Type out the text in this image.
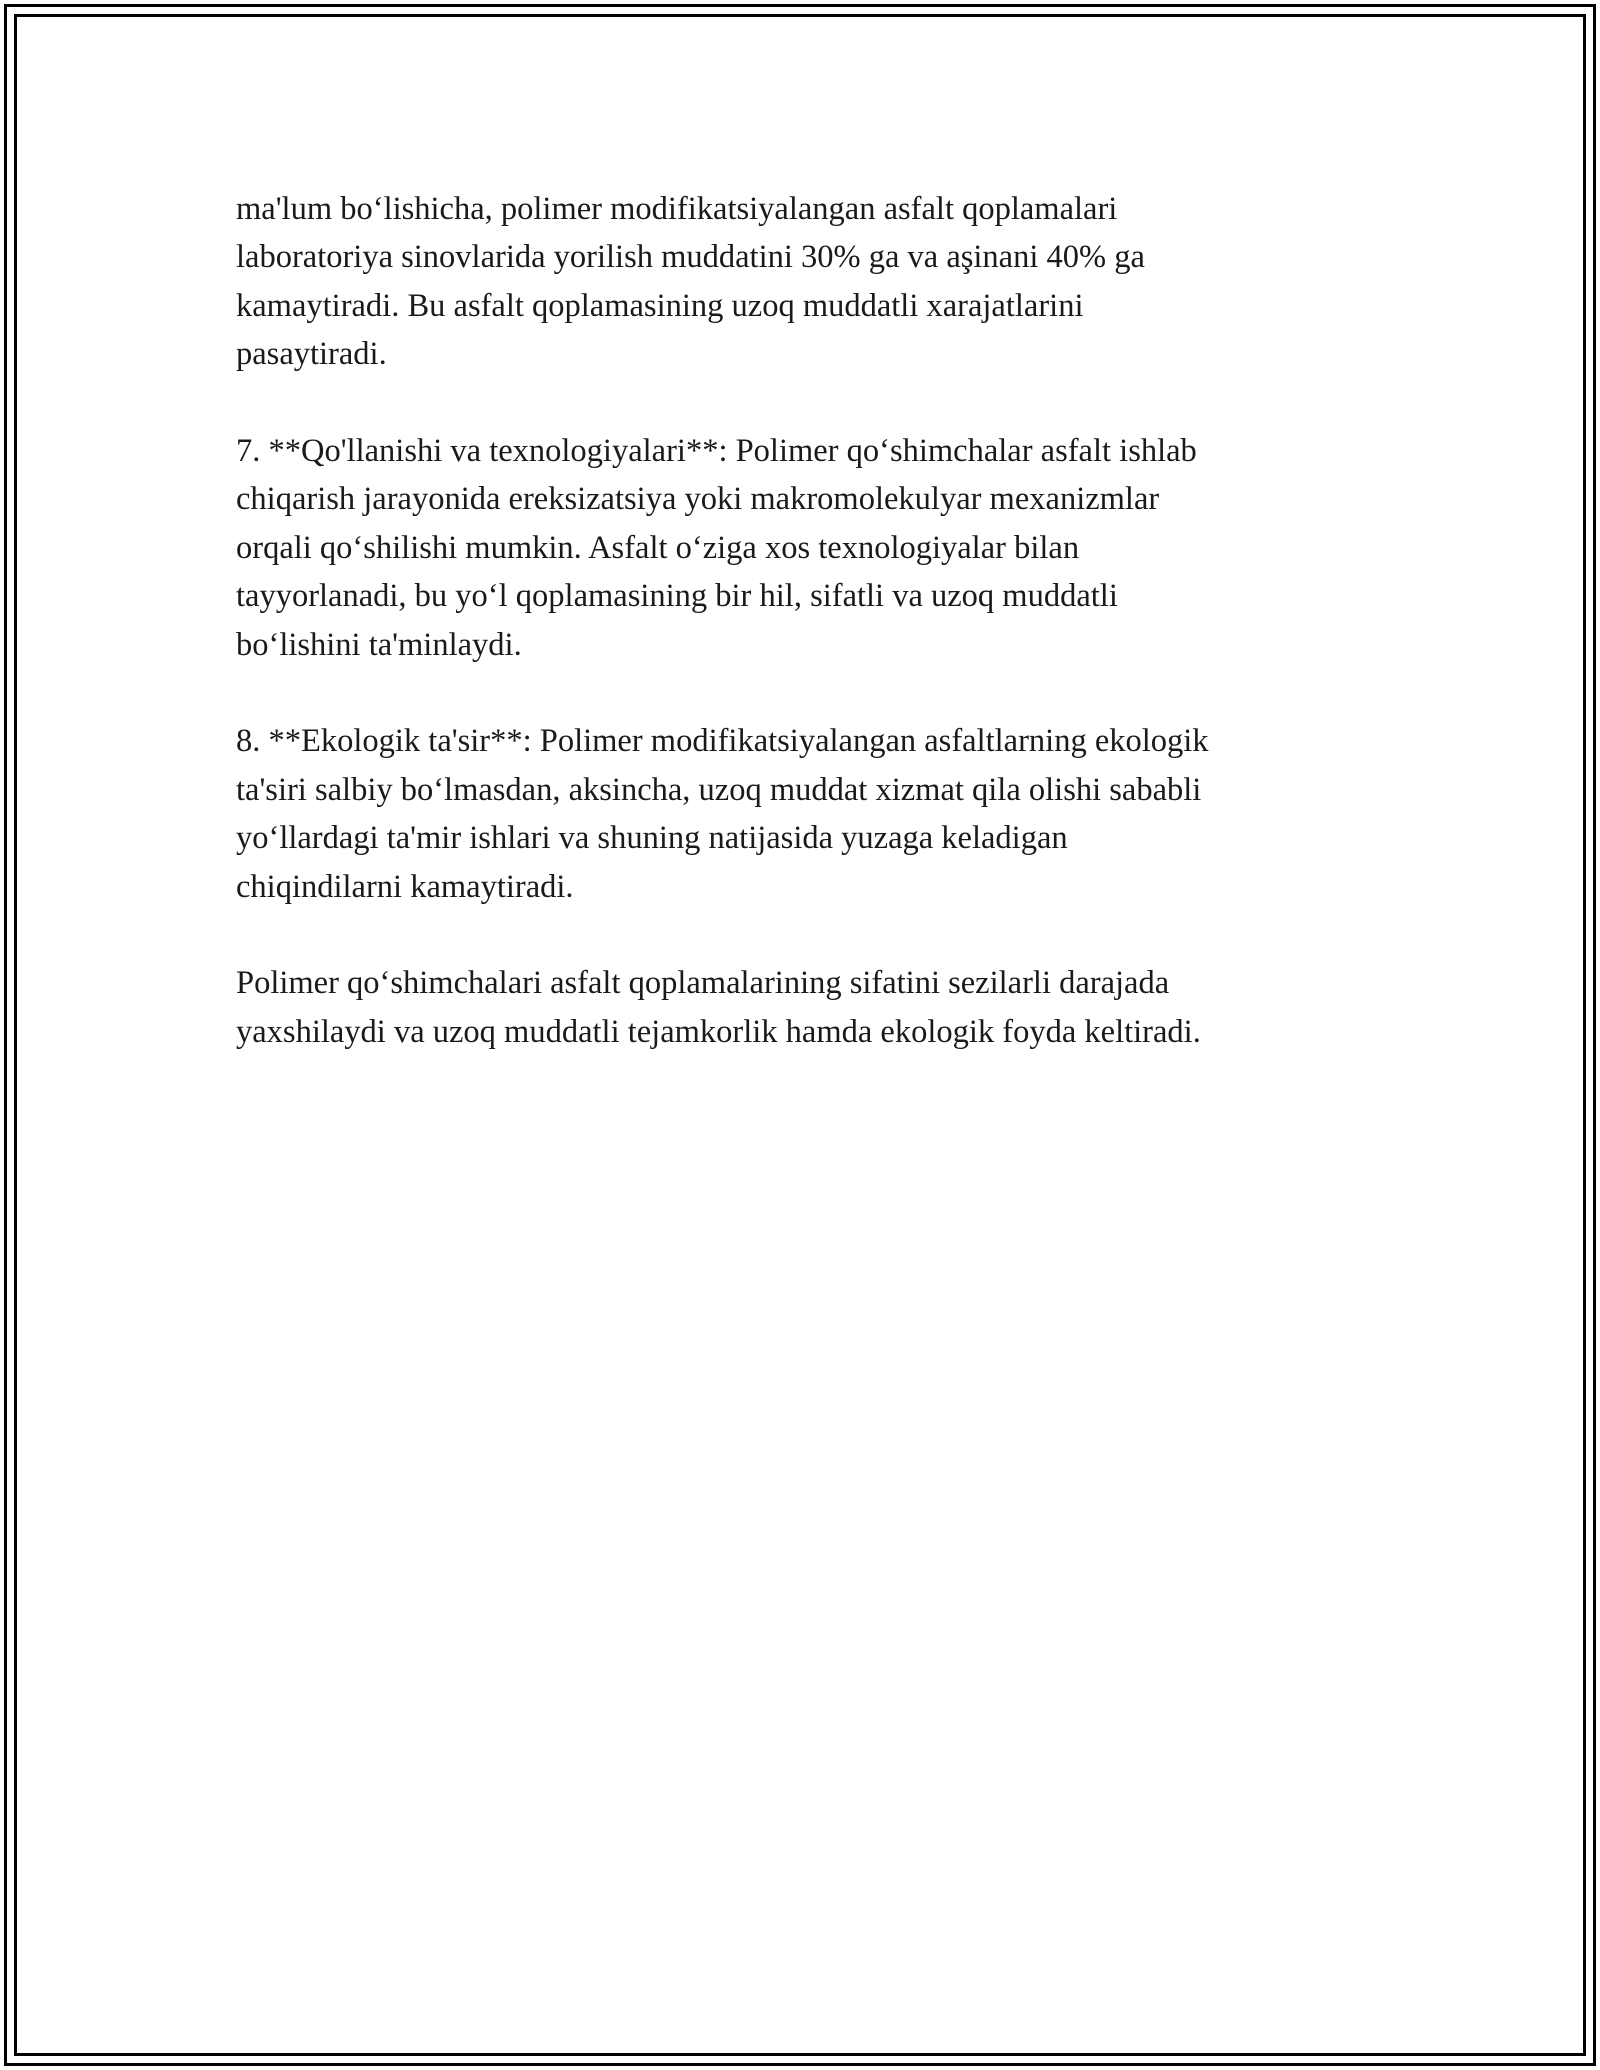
ma'lum bo‘lishicha, polimer modifikatsiyalangan asfalt qoplamalari
laboratoriya sinovlarida yorilish muddatini 30% ga va aşinani 40% ga
kamaytiradi. Bu asfalt qoplamasining uzoq muddatli xarajatlarini
pasaytiradi.

7. **Qo'llanishi va texnologiyalari**: Polimer qo‘shimchalar asfalt ishlab
chiqarish jarayonida ereksizatsiya yoki makromolekulyar mexanizmlar
orqali qo‘shilishi mumkin. Asfalt o‘ziga xos texnologiyalar bilan
tayyorlanadi, bu yo‘l qoplamasining bir hil, sifatli va uzoq muddatli
bo‘lishini ta'minlaydi.

8. **Ekologik ta'sir**: Polimer modifikatsiyalangan asfaltlarning ekologik
ta'siri salbiy bo‘lmasdan, aksincha, uzoq muddat xizmat qila olishi sababli
yo‘llardagi ta'mir ishlari va shuning natijasida yuzaga keladigan
chiqindilarni kamaytiradi.

Polimer qo‘shimchalari asfalt qoplamalarining sifatini sezilarli darajada
yaxshilaydi va uzoq muddatli tejamkorlik hamda ekologik foyda keltiradi.
